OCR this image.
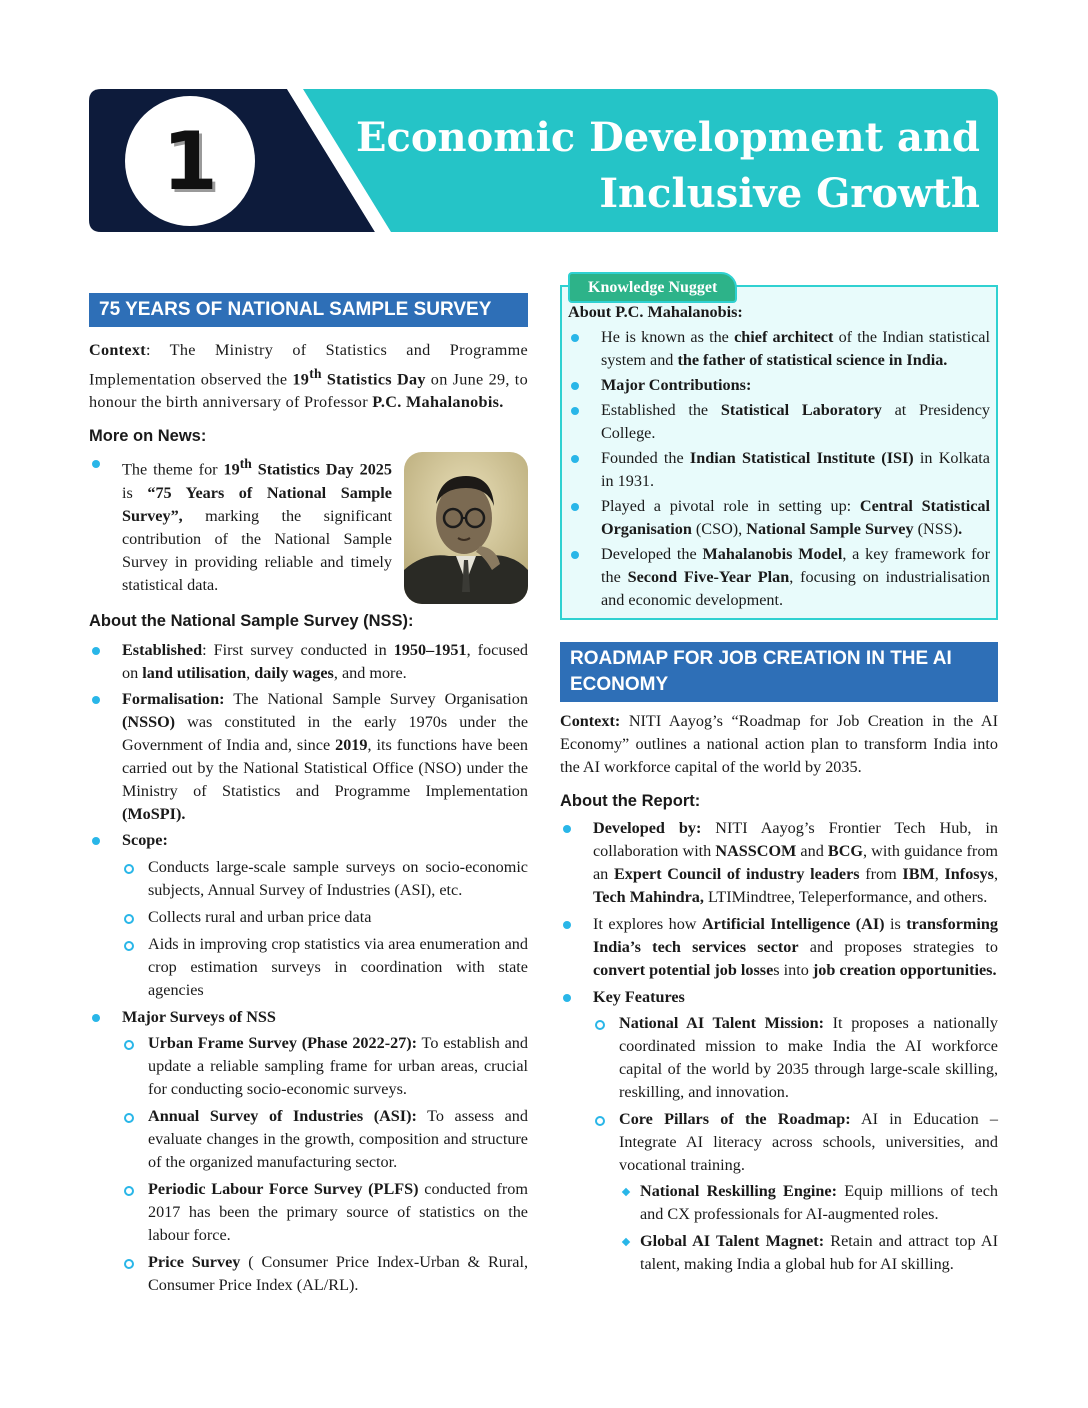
1	Economic Development and
Inclusive Growth
75 YEARS OF NATIONAL SAMPLE SURVEY

Context: The Ministry of Statistics and Programme Implementation observed the 19th Statistics Day on June 29, to honour the birth anniversary of Professor P.C. Mahalanobis.

More on News:

The theme for 19th Statistics Day 2025 is “75 Years of National Sample Survey”, marking the significant contribution of the National Sample Survey in providing reliable and timely statistical data.

About the National Sample Survey (NSS):

Established: First survey conducted in 1950–1951, focused on land utilisation, daily wages, and more.
Formalisation: The National Sample Survey Organisation (NSSO) was constituted in the early 1970s under the Government of India and, since 2019, its functions have been carried out by the National Statistical Office (NSO) under the Ministry of Statistics and Programme Implementation (MoSPI).
Scope:
Conducts large-scale sample surveys on socio-economic subjects, Annual Survey of Industries (ASI), etc.
Collects rural and urban price data
Aids in improving crop statistics via area enumeration and crop estimation surveys in coordination with state agencies
Major Surveys of NSS
Urban Frame Survey (Phase 2022-27): To establish and update a reliable sampling frame for urban areas, crucial for conducting socio-economic surveys.
Annual Survey of Industries (ASI): To assess and evaluate changes in the growth, composition and structure of the organized manufacturing sector.
Periodic Labour Force Survey (PLFS) conducted from 2017 has been the primary source of statistics on the labour force.
Price Survey ( Consumer Price Index-Urban & Rural, Consumer Price Index (AL/RL).
Knowledge Nugget

About P.C. Mahalanobis:

He is known as the chief architect of the Indian statistical system and the father of statistical science in India.
Major Contributions:
Established the Statistical Laboratory at Presidency College.
Founded the Indian Statistical Institute (ISI) in Kolkata in 1931.
Played a pivotal role in setting up: Central Statistical Organisation (CSO), National Sample Survey (NSS).
Developed the Mahalanobis Model, a key framework for the Second Five-Year Plan, focusing on industrialisation and economic development.
ROADMAP FOR JOB CREATION IN THE AI ECONOMY

Context: NITI Aayog’s “Roadmap for Job Creation in the AI Economy” outlines a national action plan to transform India into the AI workforce capital of the world by 2035.

About the Report:

Developed by: NITI Aayog’s Frontier Tech Hub, in collaboration with NASSCOM and BCG, with guidance from an Expert Council of industry leaders from IBM, Infosys, Tech Mahindra, LTIMindtree, Teleperformance, and others.
It explores how Artificial Intelligence (AI) is transforming India’s tech services sector and proposes strategies to convert potential job losses into job creation opportunities.
Key Features
National AI Talent Mission: It proposes a nationally coordinated mission to make India the AI workforce capital of the world by 2035 through large-scale skilling, reskilling, and innovation.
Core Pillars of the Roadmap: AI in Education – Integrate AI literacy across schools, universities, and vocational training.
National Reskilling Engine: Equip millions of tech and CX professionals for AI-augmented roles.
Global AI Talent Magnet: Retain and attract top AI talent, making India a global hub for AI skilling.
